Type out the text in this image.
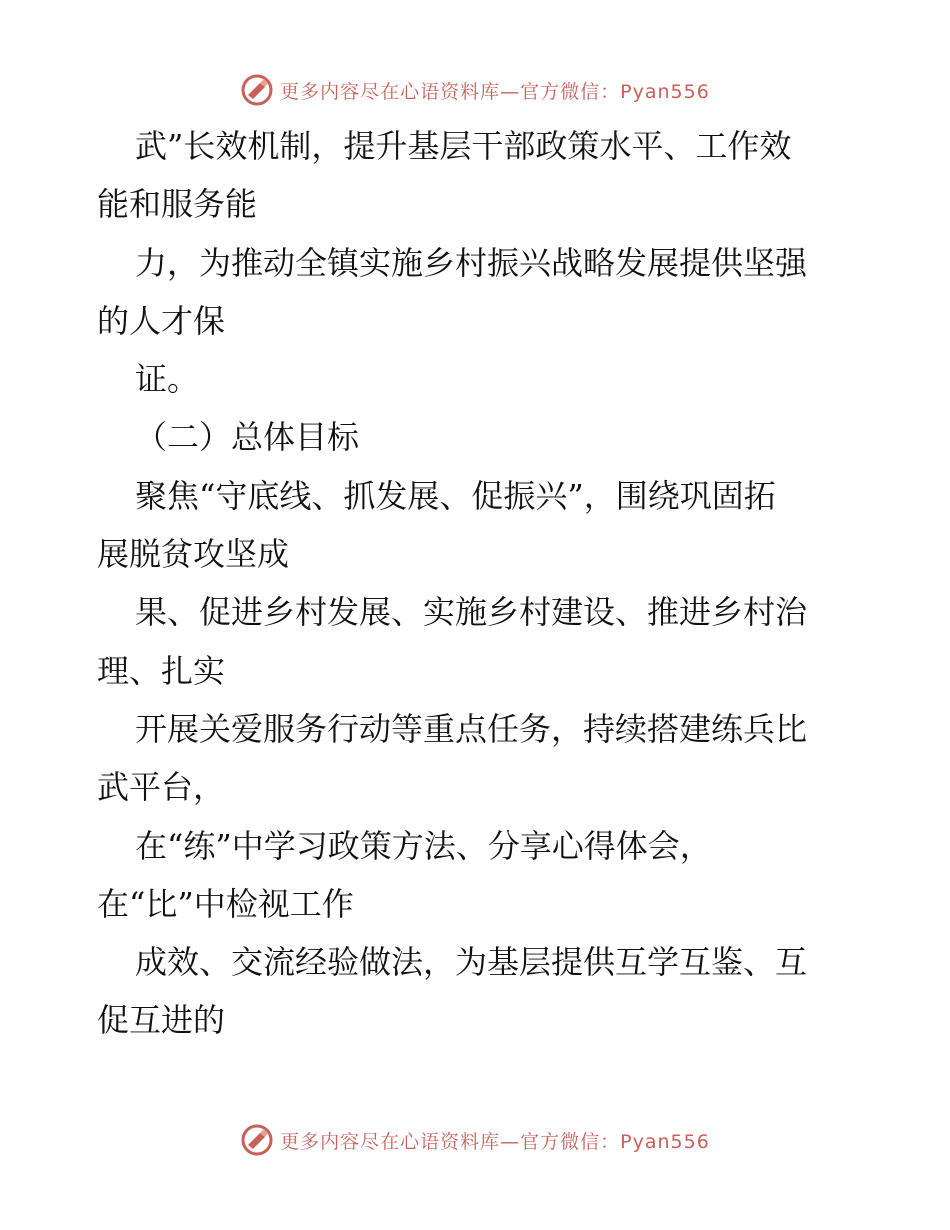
更多内容尽在心语资料库—官方微信：Pyan556
武”长效机制，提升基层干部政策水平、工作效
能和服务能
力，为推动全镇实施乡村振兴战略发展提供坚强
的人才保
证。
（二）总体目标
聚焦“守底线、抓发展、促振兴”，围绕巩固拓
展脱贫攻坚成
果、促进乡村发展、实施乡村建设、推进乡村治
理、扎实
开展关爱服务行动等重点任务，持续搭建练兵比
武平台，
在“练”中学习政策方法、分享心得体会，
在“比”中检视工作
成效、交流经验做法，为基层提供互学互鉴、互
促互进的
更多内容尽在心语资料库—官方微信：Pyan556
